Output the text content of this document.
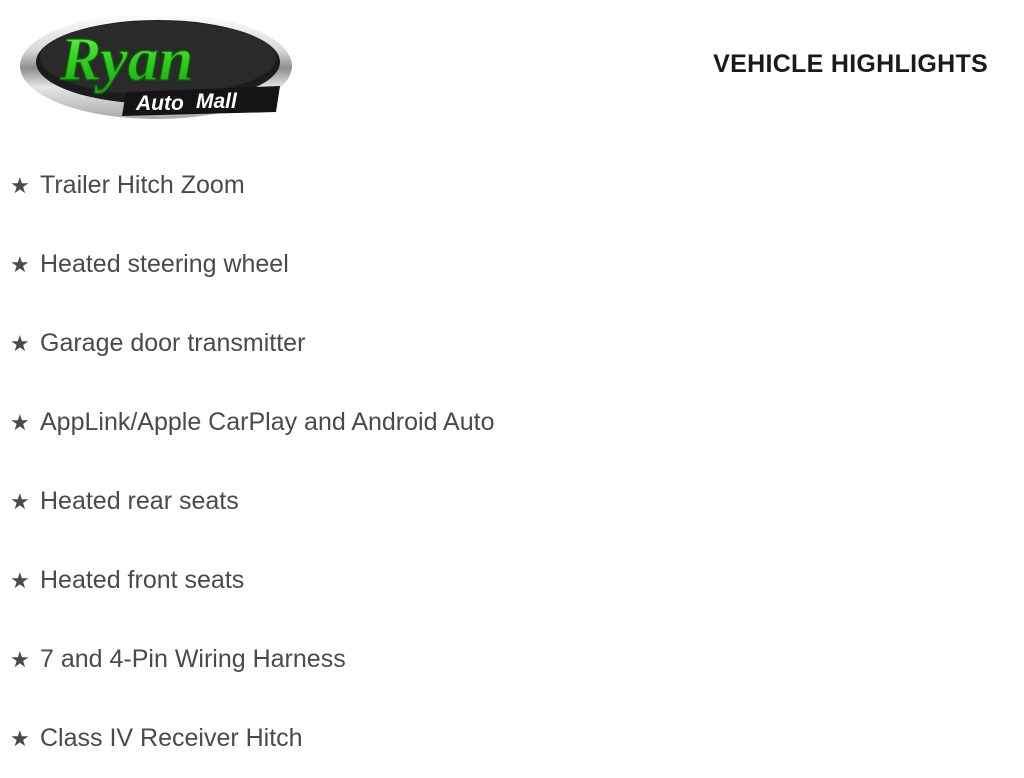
Ryan
Auto Mall
VEHICLE HIGHLIGHTS
★ Trailer Hitch Zoom
★ Heated steering wheel
★ Garage door transmitter
★ AppLink/Apple CarPlay and Android Auto
★ Heated rear seats
★ Heated front seats
★ 7 and 4-Pin Wiring Harness
★ Class IV Receiver Hitch
